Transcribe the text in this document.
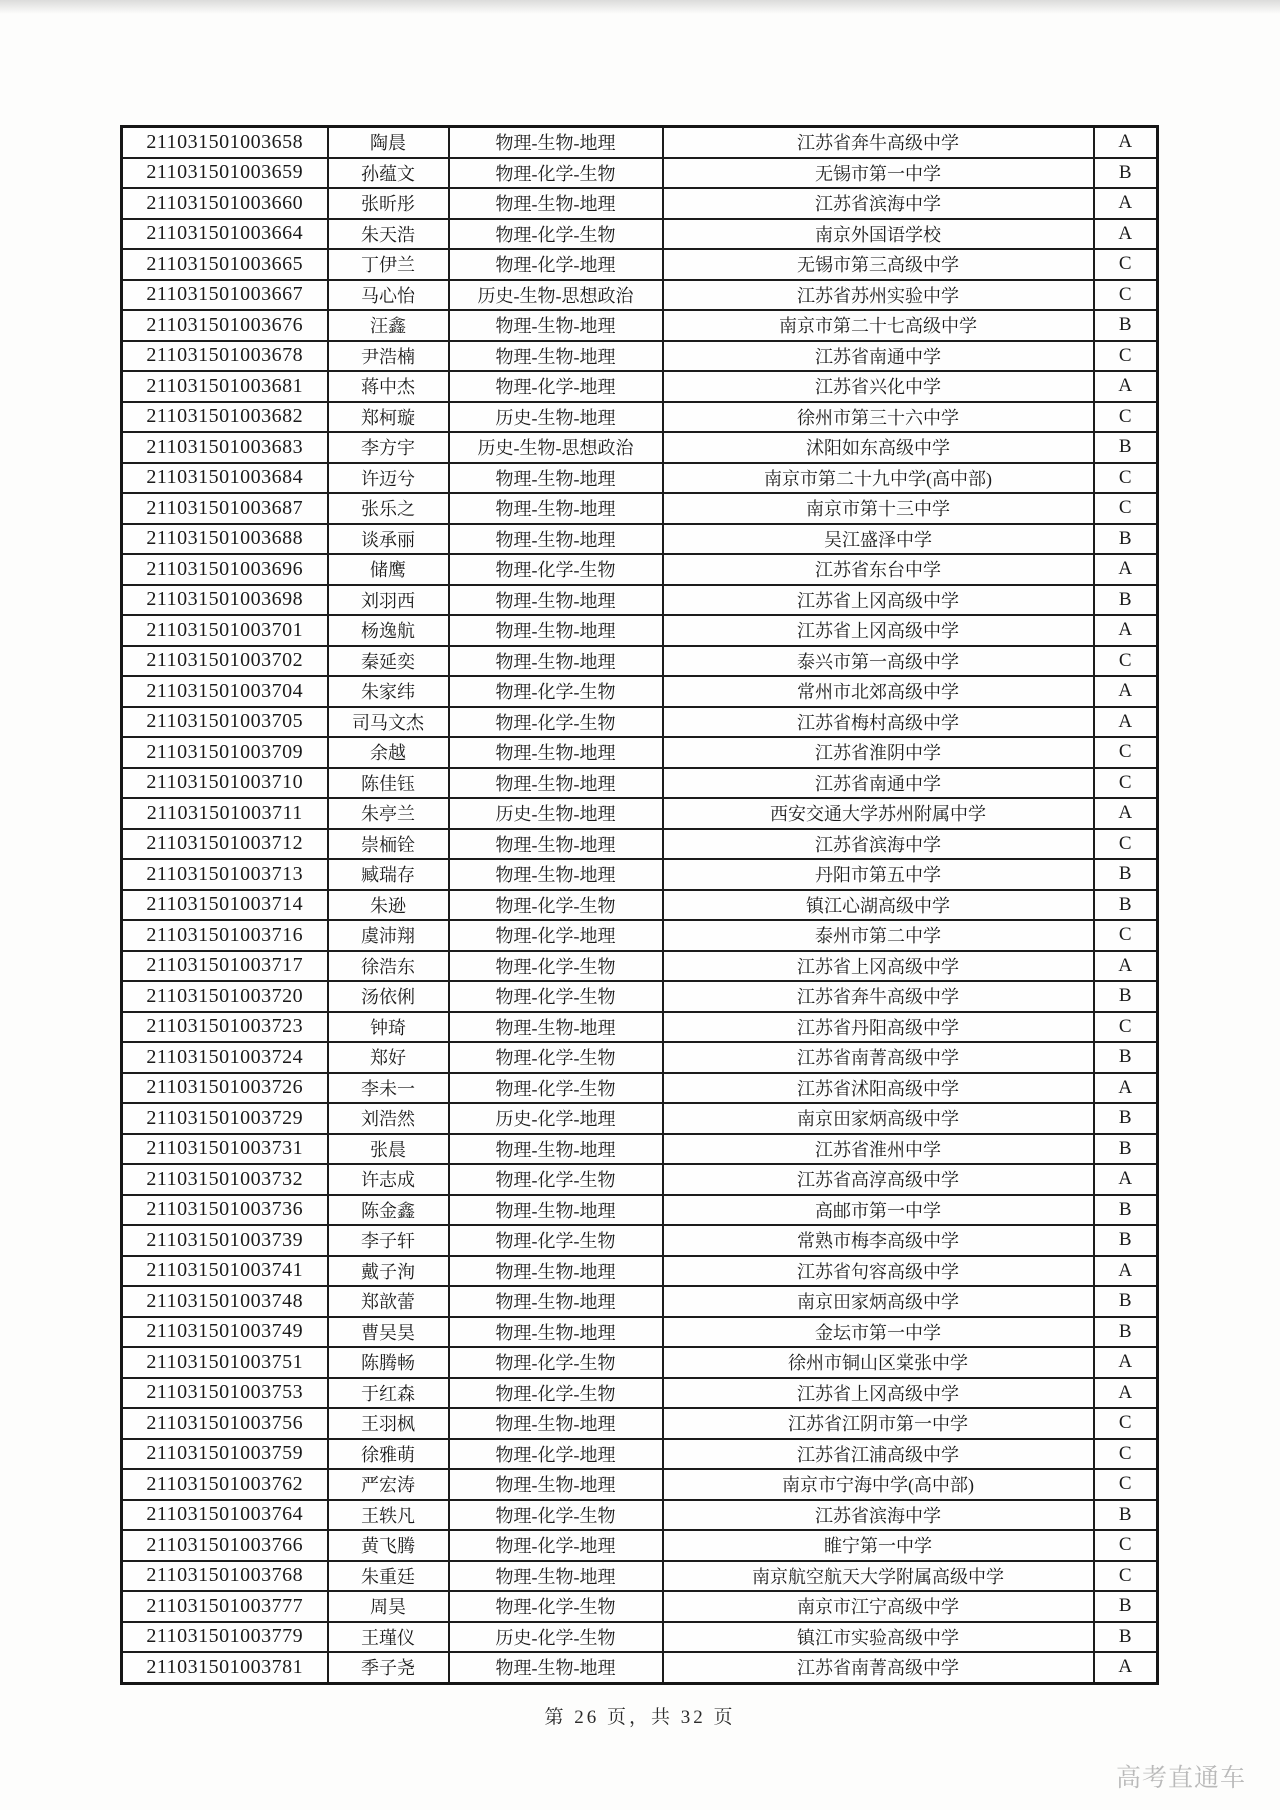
211031501003658	陶晨	物理-生物-地理	江苏省奔牛高级中学	A
211031501003659	孙蕴文	物理-化学-生物	无锡市第一中学	B
211031501003660	张昕彤	物理-生物-地理	江苏省滨海中学	A
211031501003664	朱天浩	物理-化学-生物	南京外国语学校	A
211031501003665	丁伊兰	物理-化学-地理	无锡市第三高级中学	C
211031501003667	马心怡	历史-生物-思想政治	江苏省苏州实验中学	C
211031501003676	汪鑫	物理-生物-地理	南京市第二十七高级中学	B
211031501003678	尹浩楠	物理-生物-地理	江苏省南通中学	C
211031501003681	蒋中杰	物理-化学-地理	江苏省兴化中学	A
211031501003682	郑柯璇	历史-生物-地理	徐州市第三十六中学	C
211031501003683	李方宇	历史-生物-思想政治	沭阳如东高级中学	B
211031501003684	许迈兮	物理-生物-地理	南京市第二十九中学(高中部)	C
211031501003687	张乐之	物理-生物-地理	南京市第十三中学	C
211031501003688	谈承丽	物理-生物-地理	吴江盛泽中学	B
211031501003696	储鹰	物理-化学-生物	江苏省东台中学	A
211031501003698	刘羽西	物理-生物-地理	江苏省上冈高级中学	B
211031501003701	杨逸航	物理-生物-地理	江苏省上冈高级中学	A
211031501003702	秦延奕	物理-生物-地理	泰兴市第一高级中学	C
211031501003704	朱家纬	物理-化学-生物	常州市北郊高级中学	A
211031501003705	司马文杰	物理-化学-生物	江苏省梅村高级中学	A
211031501003709	余越	物理-生物-地理	江苏省淮阴中学	C
211031501003710	陈佳钰	物理-生物-地理	江苏省南通中学	C
211031501003711	朱亭兰	历史-生物-地理	西安交通大学苏州附属中学	A
211031501003712	崇栭铨	物理-生物-地理	江苏省滨海中学	C
211031501003713	臧瑞存	物理-生物-地理	丹阳市第五中学	B
211031501003714	朱逊	物理-化学-生物	镇江心湖高级中学	B
211031501003716	虞沛翔	物理-化学-地理	泰州市第二中学	C
211031501003717	徐浩东	物理-化学-生物	江苏省上冈高级中学	A
211031501003720	汤依俐	物理-化学-生物	江苏省奔牛高级中学	B
211031501003723	钟琦	物理-生物-地理	江苏省丹阳高级中学	C
211031501003724	郑好	物理-化学-生物	江苏省南菁高级中学	B
211031501003726	李未一	物理-化学-生物	江苏省沭阳高级中学	A
211031501003729	刘浩然	历史-化学-地理	南京田家炳高级中学	B
211031501003731	张晨	物理-生物-地理	江苏省淮州中学	B
211031501003732	许志成	物理-化学-生物	江苏省高淳高级中学	A
211031501003736	陈金鑫	物理-生物-地理	高邮市第一中学	B
211031501003739	李子轩	物理-化学-生物	常熟市梅李高级中学	B
211031501003741	戴子洵	物理-生物-地理	江苏省句容高级中学	A
211031501003748	郑歆蕾	物理-生物-地理	南京田家炳高级中学	B
211031501003749	曹吴昊	物理-生物-地理	金坛市第一中学	B
211031501003751	陈腾畅	物理-化学-生物	徐州市铜山区棠张中学	A
211031501003753	于红森	物理-化学-生物	江苏省上冈高级中学	A
211031501003756	王羽枫	物理-生物-地理	江苏省江阴市第一中学	C
211031501003759	徐雅萌	物理-化学-地理	江苏省江浦高级中学	C
211031501003762	严宏涛	物理-生物-地理	南京市宁海中学(高中部)	C
211031501003764	王轶凡	物理-化学-生物	江苏省滨海中学	B
211031501003766	黄飞腾	物理-化学-地理	睢宁第一中学	C
211031501003768	朱重廷	物理-生物-地理	南京航空航天大学附属高级中学	C
211031501003777	周昊	物理-化学-生物	南京市江宁高级中学	B
211031501003779	王瑾仪	历史-化学-生物	镇江市实验高级中学	B
211031501003781	季子尧	物理-生物-地理	江苏省南菁高级中学	A
第 26 页，共 32 页
高考直通车
